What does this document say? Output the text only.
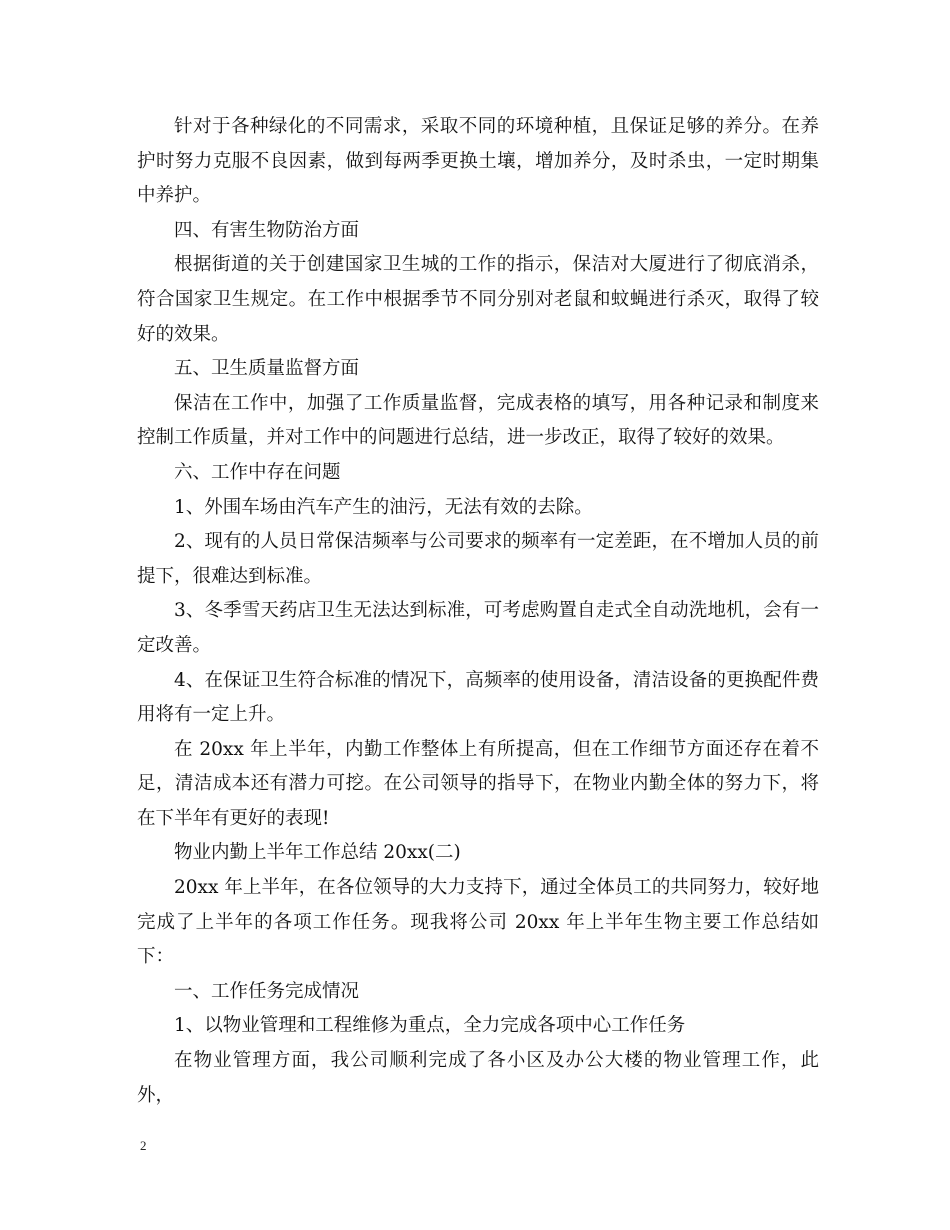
针对于各种绿化的不同需求，采取不同的环境种植，且保证足够的养分。在养护时努力克服不良因素，做到每两季更换土壤，增加养分，及时杀虫，一定时期集中养护。

四、有害生物防治方面

根据街道的关于创建国家卫生城的工作的指示，保洁对大厦进行了彻底消杀，符合国家卫生规定。在工作中根据季节不同分别对老鼠和蚊蝇进行杀灭，取得了较好的效果。

五、卫生质量监督方面

保洁在工作中，加强了工作质量监督，完成表格的填写，用各种记录和制度来控制工作质量，并对工作中的问题进行总结，进一步改正，取得了较好的效果。

六、工作中存在问题

1、外围车场由汽车产生的油污，无法有效的去除。

2、现有的人员日常保洁频率与公司要求的频率有一定差距，在不增加人员的前提下，很难达到标准。

3、冬季雪天药店卫生无法达到标准，可考虑购置自走式全自动洗地机，会有一定改善。

4、在保证卫生符合标准的情况下，高频率的使用设备，清洁设备的更换配件费用将有一定上升。

在 20xx 年上半年，内勤工作整体上有所提高，但在工作细节方面还存在着不足，清洁成本还有潜力可挖。在公司领导的指导下，在物业内勤全体的努力下，将在下半年有更好的表现!

物业内勤上半年工作总结 20xx(二)

20xx 年上半年，在各位领导的大力支持下，通过全体员工的共同努力，较好地完成了上半年的各项工作任务。现我将公司 20xx 年上半年生物主要工作总结如下：

一、工作任务完成情况

1、以物业管理和工程维修为重点，全力完成各项中心工作任务

在物业管理方面，我公司顺利完成了各小区及办公大楼的物业管理工作，此外，

2
